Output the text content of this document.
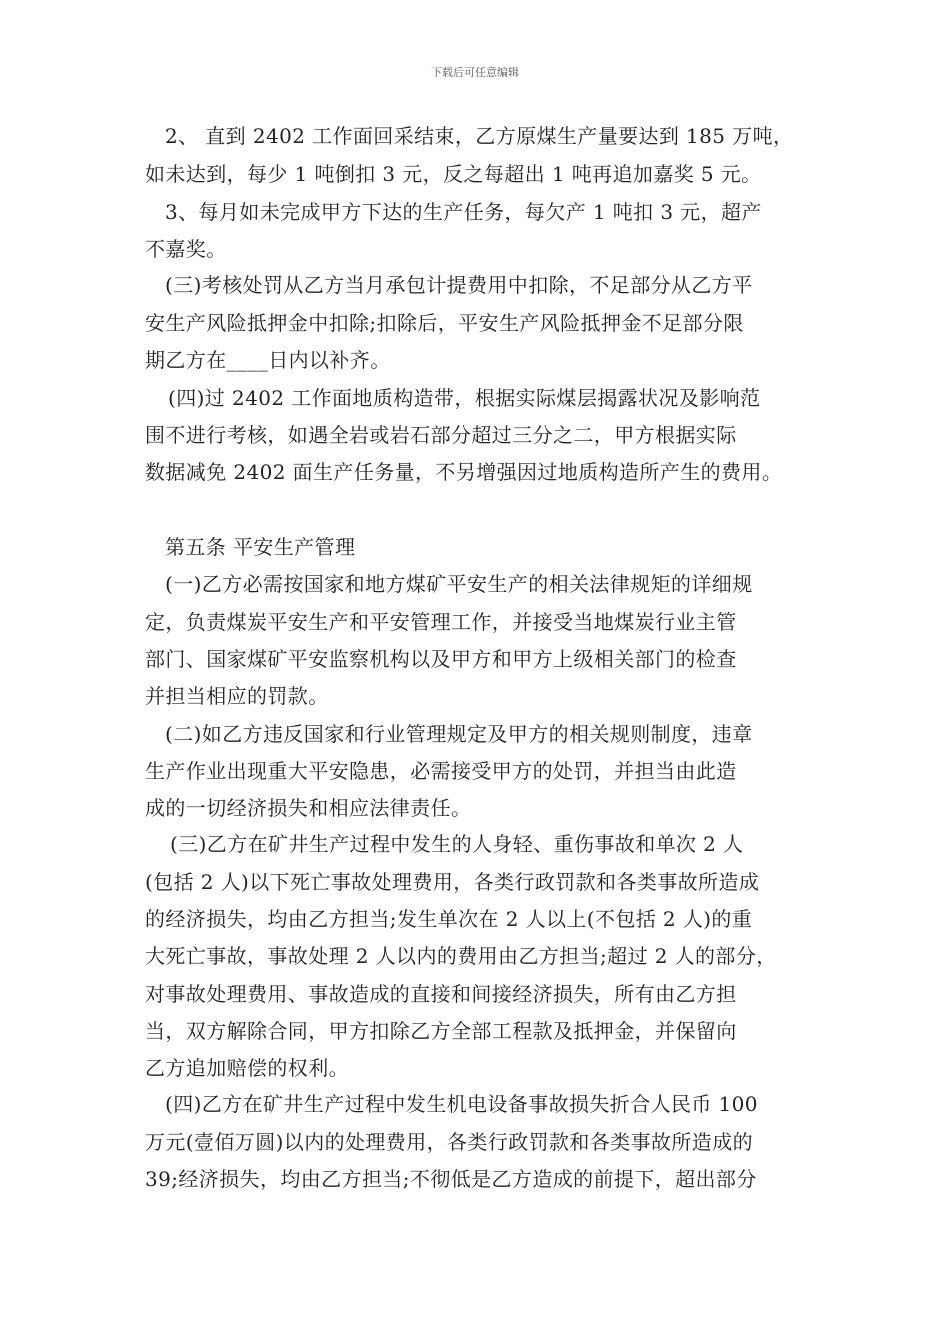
下载后可任意编辑
2、 直到 2402 工作面回采结束，乙方原煤生产量要达到 185 万吨，
如未达到，每少 1 吨倒扣 3 元，反之每超出 1 吨再追加嘉奖 5 元。
3、每月如未完成甲方下达的生产任务，每欠产 1 吨扣 3 元，超产
不嘉奖。
(三)考核处罚从乙方当月承包计提费用中扣除，不足部分从乙方平
安生产风险抵押金中扣除;扣除后，平安生产风险抵押金不足部分限
期乙方在____日内以补齐。
(四)过 2402 工作面地质构造带，根据实际煤层揭露状况及影响范
围不进行考核，如遇全岩或岩石部分超过三分之二，甲方根据实际
数据减免 2402 面生产任务量，不另增强因过地质构造所产生的费用。
第五条 平安生产管理
(一)乙方必需按国家和地方煤矿平安生产的相关法律规矩的详细规
定，负责煤炭平安生产和平安管理工作，并接受当地煤炭行业主管
部门、国家煤矿平安监察机构以及甲方和甲方上级相关部门的检查
并担当相应的罚款。
(二)如乙方违反国家和行业管理规定及甲方的相关规则制度，违章
生产作业出现重大平安隐患，必需接受甲方的处罚，并担当由此造
成的一切经济损失和相应法律责任。
(三)乙方在矿井生产过程中发生的人身轻、重伤事故和单次 2 人
(包括 2 人)以下死亡事故处理费用，各类行政罚款和各类事故所造成
的经济损失，均由乙方担当;发生单次在 2 人以上(不包括 2 人)的重
大死亡事故，事故处理 2 人以内的费用由乙方担当;超过 2 人的部分，
对事故处理费用、事故造成的直接和间接经济损失，所有由乙方担
当，双方解除合同，甲方扣除乙方全部工程款及抵押金，并保留向
乙方追加赔偿的权利。
(四)乙方在矿井生产过程中发生机电设备事故损失折合人民币 100
万元(壹佰万圆)以内的处理费用，各类行政罚款和各类事故所造成的
39;经济损失，均由乙方担当;不彻低是乙方造成的前提下，超出部分
